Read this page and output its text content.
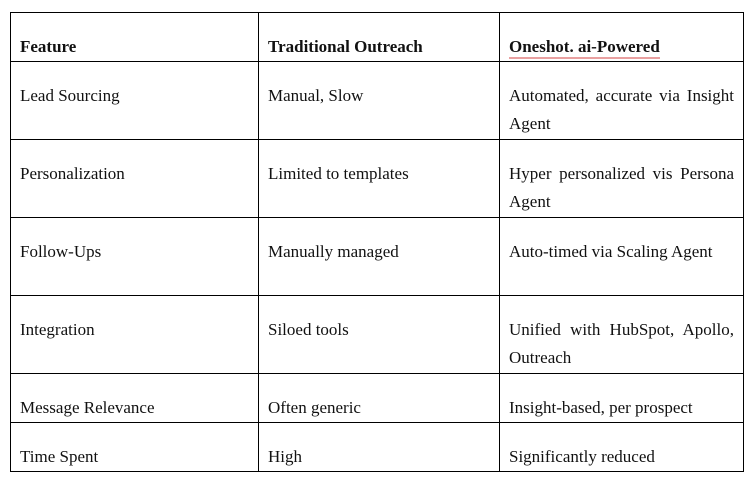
Feature	Traditional Outreach	Oneshot. ai-Powered
Lead Sourcing	Manual, Slow	Automated, accurate via Insight Agent
Personalization	Limited to templates	Hyper personalized vis Persona Agent
Follow-Ups	Manually managed	Auto-timed via Scaling Agent
Integration	Siloed tools	Unified with HubSpot, Apollo, Outreach
Message Relevance	Often generic	Insight-based, per prospect
Time Spent	High	Significantly reduced
